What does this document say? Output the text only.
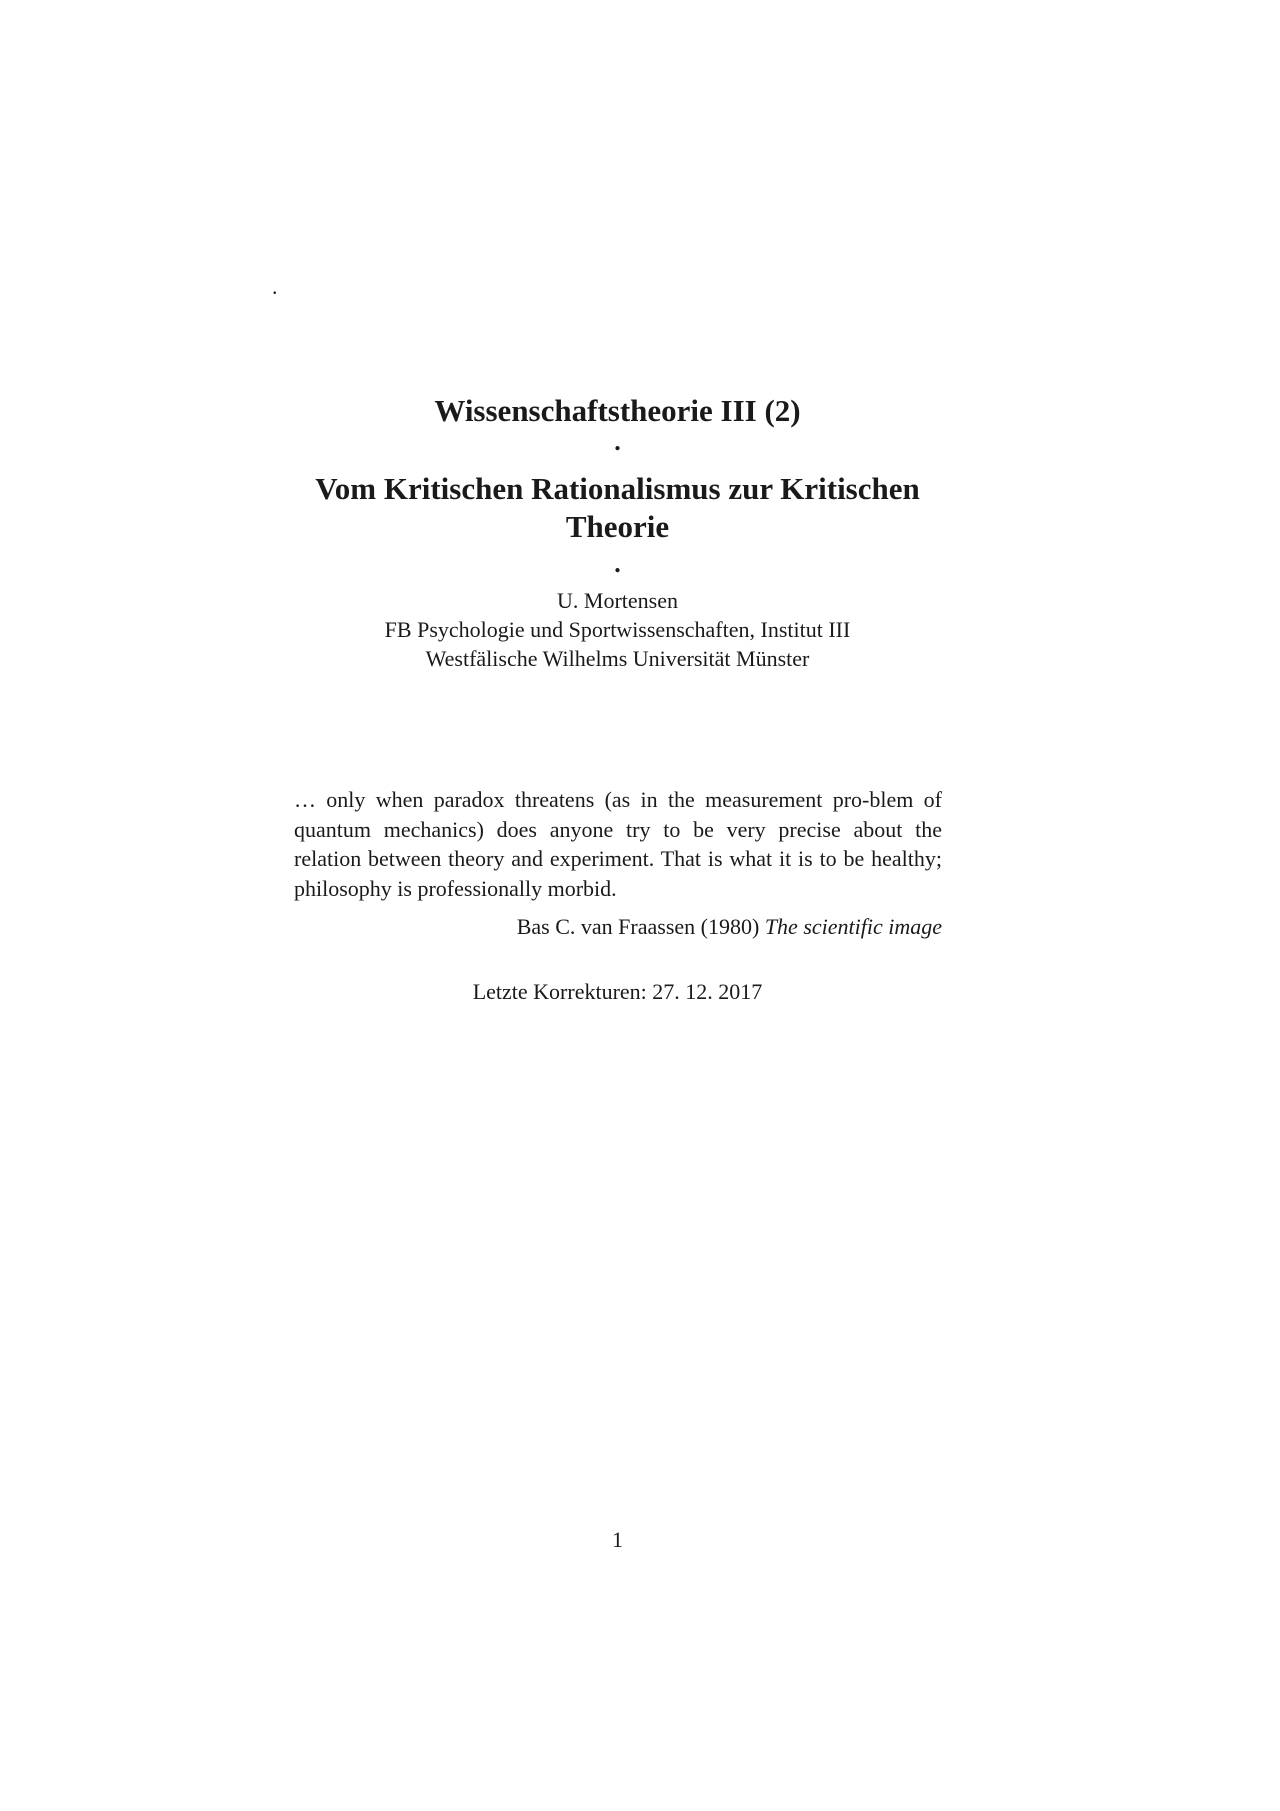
.
Wissenschaftstheorie III (2)
.
Vom Kritischen Rationalismus zur Kritischen
Theorie
.
U. Mortensen
FB Psychologie und Sportwissenschaften, Institut III
Westfälische Wilhelms Universität Münster
… only when paradox threatens (as in the measurement pro-blem of quantum mechanics) does anyone try to be very precise about the relation between theory and experiment. That is what it is to be healthy; philosophy is professionally morbid.
Bas C. van Fraassen (1980) The scientific image
Letzte Korrekturen: 27. 12. 2017
1
